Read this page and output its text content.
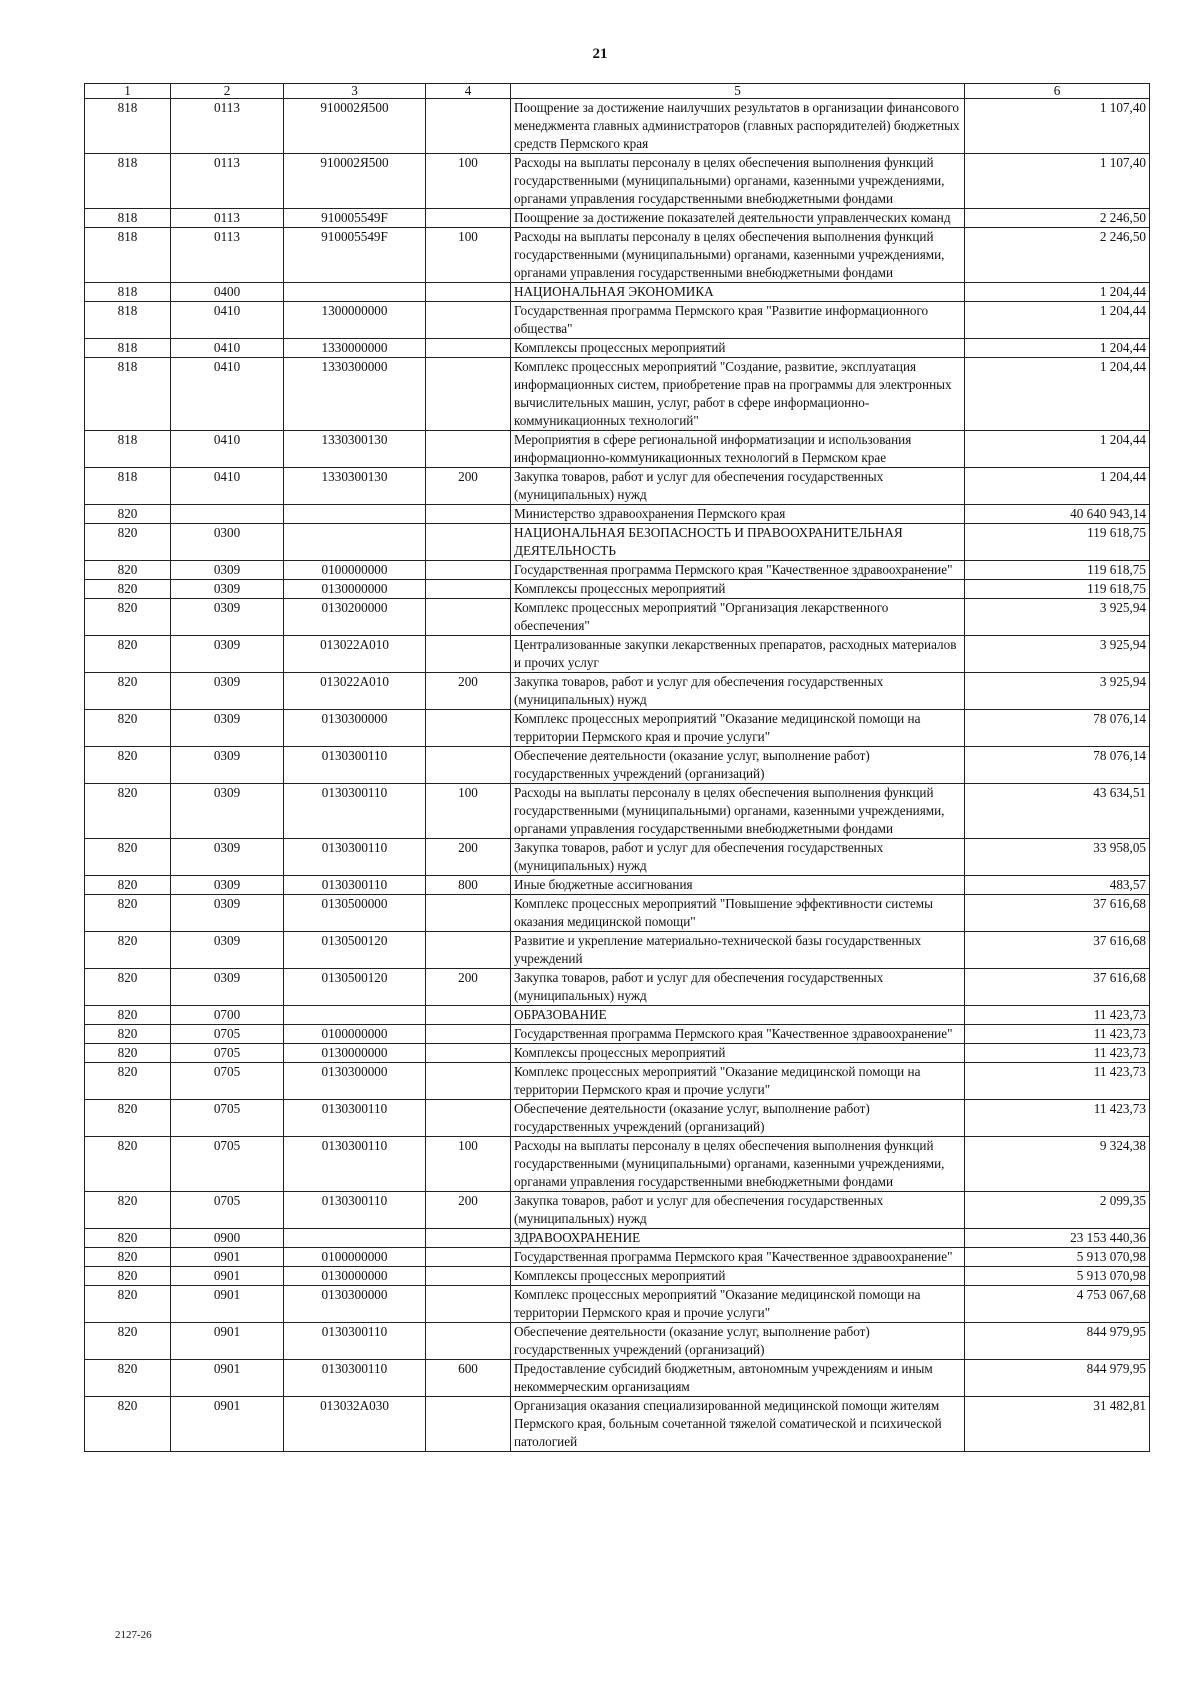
21
1	2	3	4	5	6
818	0113	910002Я500		Поощрение за достижение наилучших результатов в организации финансового менеджмента главных администраторов (главных распорядителей) бюджетных средств Пермского края	1 107,40
818	0113	910002Я500	100	Расходы на выплаты персоналу в целях обеспечения выполнения функций государственными (муниципальными) органами, казенными учреждениями, органами управления государственными внебюджетными фондами	1 107,40
818	0113	910005549F		Поощрение за достижение показателей деятельности управленческих команд	2 246,50
818	0113	910005549F	100	Расходы на выплаты персоналу в целях обеспечения выполнения функций государственными (муниципальными) органами, казенными учреждениями, органами управления государственными внебюджетными фондами	2 246,50
818	0400			НАЦИОНАЛЬНАЯ ЭКОНОМИКА	1 204,44
818	0410	1300000000		Государственная программа Пермского края "Развитие информационного общества"	1 204,44
818	0410	1330000000		Комплексы процессных мероприятий	1 204,44
818	0410	1330300000		Комплекс процессных мероприятий "Создание, развитие, эксплуатация информационных систем, приобретение прав на программы для электронных вычислительных машин, услуг, работ в сфере информационно-коммуникационных технологий"	1 204,44
818	0410	1330300130		Мероприятия в сфере региональной информатизации и использования информационно-коммуникационных технологий в Пермском крае	1 204,44
818	0410	1330300130	200	Закупка товаров, работ и услуг для обеспечения государственных (муниципальных) нужд	1 204,44
820				Министерство здравоохранения Пермского края	40 640 943,14
820	0300			НАЦИОНАЛЬНАЯ БЕЗОПАСНОСТЬ И ПРАВООХРАНИТЕЛЬНАЯ ДЕЯТЕЛЬНОСТЬ	119 618,75
820	0309	0100000000		Государственная программа Пермского края "Качественное здравоохранение"	119 618,75
820	0309	0130000000		Комплексы процессных мероприятий	119 618,75
820	0309	0130200000		Комплекс процессных мероприятий "Организация лекарственного обеспечения"	3 925,94
820	0309	013022А010		Централизованные закупки лекарственных препаратов, расходных материалов и прочих услуг	3 925,94
820	0309	013022А010	200	Закупка товаров, работ и услуг для обеспечения государственных (муниципальных) нужд	3 925,94
820	0309	0130300000		Комплекс процессных мероприятий "Оказание медицинской помощи на территории Пермского края и прочие услуги"	78 076,14
820	0309	0130300110		Обеспечение деятельности (оказание услуг, выполнение работ) государственных учреждений (организаций)	78 076,14
820	0309	0130300110	100	Расходы на выплаты персоналу в целях обеспечения выполнения функций государственными (муниципальными) органами, казенными учреждениями, органами управления государственными внебюджетными фондами	43 634,51
820	0309	0130300110	200	Закупка товаров, работ и услуг для обеспечения государственных (муниципальных) нужд	33 958,05
820	0309	0130300110	800	Иные бюджетные ассигнования	483,57
820	0309	0130500000		Комплекс процессных мероприятий "Повышение эффективности системы оказания медицинской помощи"	37 616,68
820	0309	0130500120		Развитие и укрепление материально-технической базы государственных учреждений	37 616,68
820	0309	0130500120	200	Закупка товаров, работ и услуг для обеспечения государственных (муниципальных) нужд	37 616,68
820	0700			ОБРАЗОВАНИЕ	11 423,73
820	0705	0100000000		Государственная программа Пермского края "Качественное здравоохранение"	11 423,73
820	0705	0130000000		Комплексы процессных мероприятий	11 423,73
820	0705	0130300000		Комплекс процессных мероприятий "Оказание медицинской помощи на территории Пермского края и прочие услуги"	11 423,73
820	0705	0130300110		Обеспечение деятельности (оказание услуг, выполнение работ) государственных учреждений (организаций)	11 423,73
820	0705	0130300110	100	Расходы на выплаты персоналу в целях обеспечения выполнения функций государственными (муниципальными) органами, казенными учреждениями, органами управления государственными внебюджетными фондами	9 324,38
820	0705	0130300110	200	Закупка товаров, работ и услуг для обеспечения государственных (муниципальных) нужд	2 099,35
820	0900			ЗДРАВООХРАНЕНИЕ	23 153 440,36
820	0901	0100000000		Государственная программа Пермского края "Качественное здравоохранение"	5 913 070,98
820	0901	0130000000		Комплексы процессных мероприятий	5 913 070,98
820	0901	0130300000		Комплекс процессных мероприятий "Оказание медицинской помощи на территории Пермского края и прочие услуги"	4 753 067,68
820	0901	0130300110		Обеспечение деятельности (оказание услуг, выполнение работ) государственных учреждений (организаций)	844 979,95
820	0901	0130300110	600	Предоставление субсидий бюджетным, автономным учреждениям и иным некоммерческим организациям	844 979,95
820	0901	013032А030		Организация оказания специализированной медицинской помощи жителям Пермского края, больным сочетанной тяжелой соматической и психической патологией	31 482,81
2127-26
